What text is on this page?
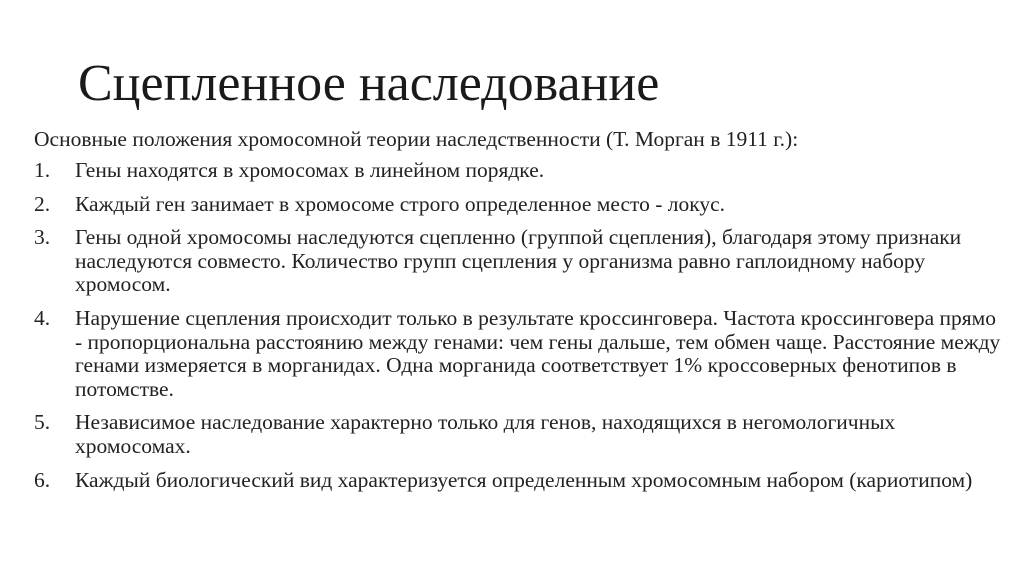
Сцепленное наследование

Основные положения хромосомной теории наследственности (Т. Морган в 1911 г.):

1. Гены находятся в хромосомах в линейном порядке.
2. Каждый ген занимает в хромосоме строго определенное место - локус.
3. Гены одной хромосомы наследуются сцепленно (группой сцепления), благодаря этому признаки наследуются совместо. Количество групп сцепления у организма равно гаплоидному набору хромосом.
4. Нарушение сцепления происходит только в результате кроссинговера. Частота кроссинговера прямо - пропорциональна расстоянию между генами: чем гены дальше, тем обмен чаще. Расстояние между генами измеряется в морганидах. Одна морганида соответствует 1% кроссоверных фенотипов в потомстве.
5. Независимое наследование характерно только для генов, находящихся в негомологичных хромосомах.
6. Каждый биологический вид характеризуется определенным хромосомным набором (кариотипом)
